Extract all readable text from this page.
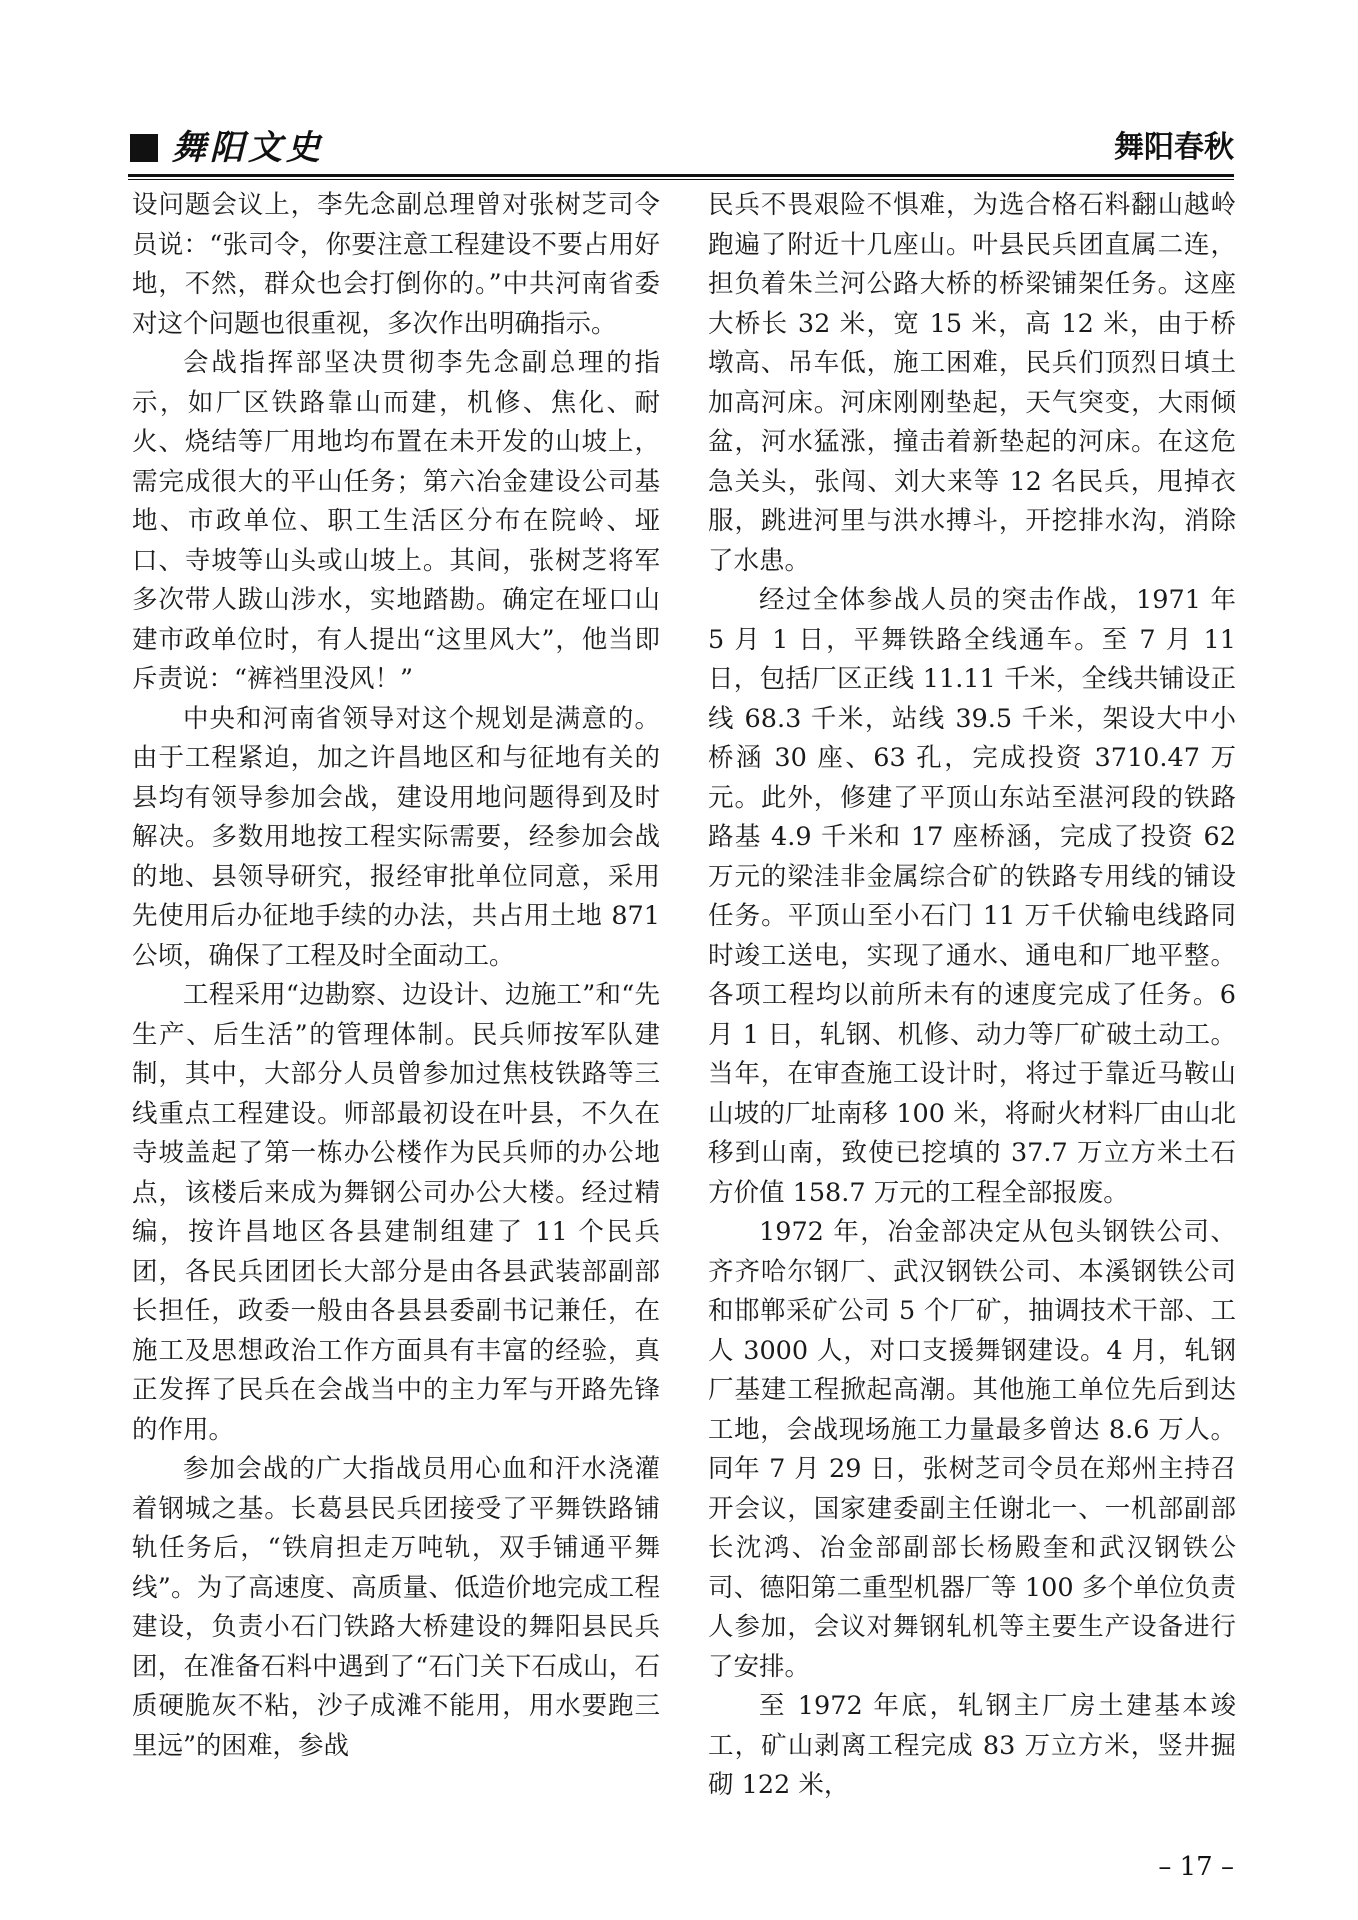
舞阳文史	舞阳春秋

设问题会议上，李先念副总理曾对张树芝司令员说：“张司令，你要注意工程建设不要占用好地，不然，群众也会打倒你的。”中共河南省委对这个问题也很重视，多次作出明确指示。

会战指挥部坚决贯彻李先念副总理的指示，如厂区铁路靠山而建，机修、焦化、耐火、烧结等厂用地均布置在未开发的山坡上，需完成很大的平山任务；第六冶金建设公司基地、市政单位、职工生活区分布在院岭、垭口、寺坡等山头或山坡上。其间，张树芝将军多次带人跋山涉水，实地踏勘。确定在垭口山建市政单位时，有人提出“这里风大”，他当即斥责说：“裤裆里没风！”

中央和河南省领导对这个规划是满意的。由于工程紧迫，加之许昌地区和与征地有关的县均有领导参加会战，建设用地问题得到及时解决。多数用地按工程实际需要，经参加会战的地、县领导研究，报经审批单位同意，采用先使用后办征地手续的办法，共占用土地 871 公顷，确保了工程及时全面动工。

工程采用“边勘察、边设计、边施工”和“先生产、后生活”的管理体制。民兵师按军队建制，其中，大部分人员曾参加过焦枝铁路等三线重点工程建设。师部最初设在叶县，不久在寺坡盖起了第一栋办公楼作为民兵师的办公地点，该楼后来成为舞钢公司办公大楼。经过精编，按许昌地区各县建制组建了 11 个民兵团，各民兵团团长大部分是由各县武装部副部长担任，政委一般由各县县委副书记兼任，在施工及思想政治工作方面具有丰富的经验，真正发挥了民兵在会战当中的主力军与开路先锋的作用。

参加会战的广大指战员用心血和汗水浇灌着钢城之基。长葛县民兵团接受了平舞铁路铺轨任务后，“铁肩担走万吨轨，双手铺通平舞线”。为了高速度、高质量、低造价地完成工程建设，负责小石门铁路大桥建设的舞阳县民兵团，在准备石料中遇到了“石门关下石成山，石质硬脆灰不粘，沙子成滩不能用，用水要跑三里远”的困难，参战

民兵不畏艰险不惧难，为选合格石料翻山越岭跑遍了附近十几座山。叶县民兵团直属二连，担负着朱兰河公路大桥的桥梁铺架任务。这座大桥长 32 米，宽 15 米，高 12 米，由于桥墩高、吊车低，施工困难，民兵们顶烈日填土加高河床。河床刚刚垫起，天气突变，大雨倾盆，河水猛涨，撞击着新垫起的河床。在这危急关头，张闯、刘大来等 12 名民兵，甩掉衣服，跳进河里与洪水搏斗，开挖排水沟，消除了水患。

经过全体参战人员的突击作战，1971 年 5 月 1 日，平舞铁路全线通车。至 7 月 11 日，包括厂区正线 11.11 千米，全线共铺设正线 68.3 千米，站线 39.5 千米，架设大中小桥涵 30 座、63 孔，完成投资 3710.47 万元。此外，修建了平顶山东站至湛河段的铁路路基 4.9 千米和 17 座桥涵，完成了投资 62 万元的梁洼非金属综合矿的铁路专用线的铺设任务。平顶山至小石门 11 万千伏输电线路同时竣工送电，实现了通水、通电和厂地平整。各项工程均以前所未有的速度完成了任务。6 月 1 日，轧钢、机修、动力等厂矿破土动工。当年，在审查施工设计时，将过于靠近马鞍山山坡的厂址南移 100 米，将耐火材料厂由山北移到山南，致使已挖填的 37.7 万立方米土石方价值 158.7 万元的工程全部报废。

1972 年，冶金部决定从包头钢铁公司、齐齐哈尔钢厂、武汉钢铁公司、本溪钢铁公司和邯郸采矿公司 5 个厂矿，抽调技术干部、工人 3000 人，对口支援舞钢建设。4 月，轧钢厂基建工程掀起高潮。其他施工单位先后到达工地，会战现场施工力量最多曾达 8.6 万人。同年 7 月 29 日，张树芝司令员在郑州主持召开会议，国家建委副主任谢北一、一机部副部长沈鸿、冶金部副部长杨殿奎和武汉钢铁公司、德阳第二重型机器厂等 100 多个单位负责人参加，会议对舞钢轧机等主要生产设备进行了安排。

至 1972 年底，轧钢主厂房土建基本竣工，矿山剥离工程完成 83 万立方米，竖井掘砌 122 米，

– 17 –
